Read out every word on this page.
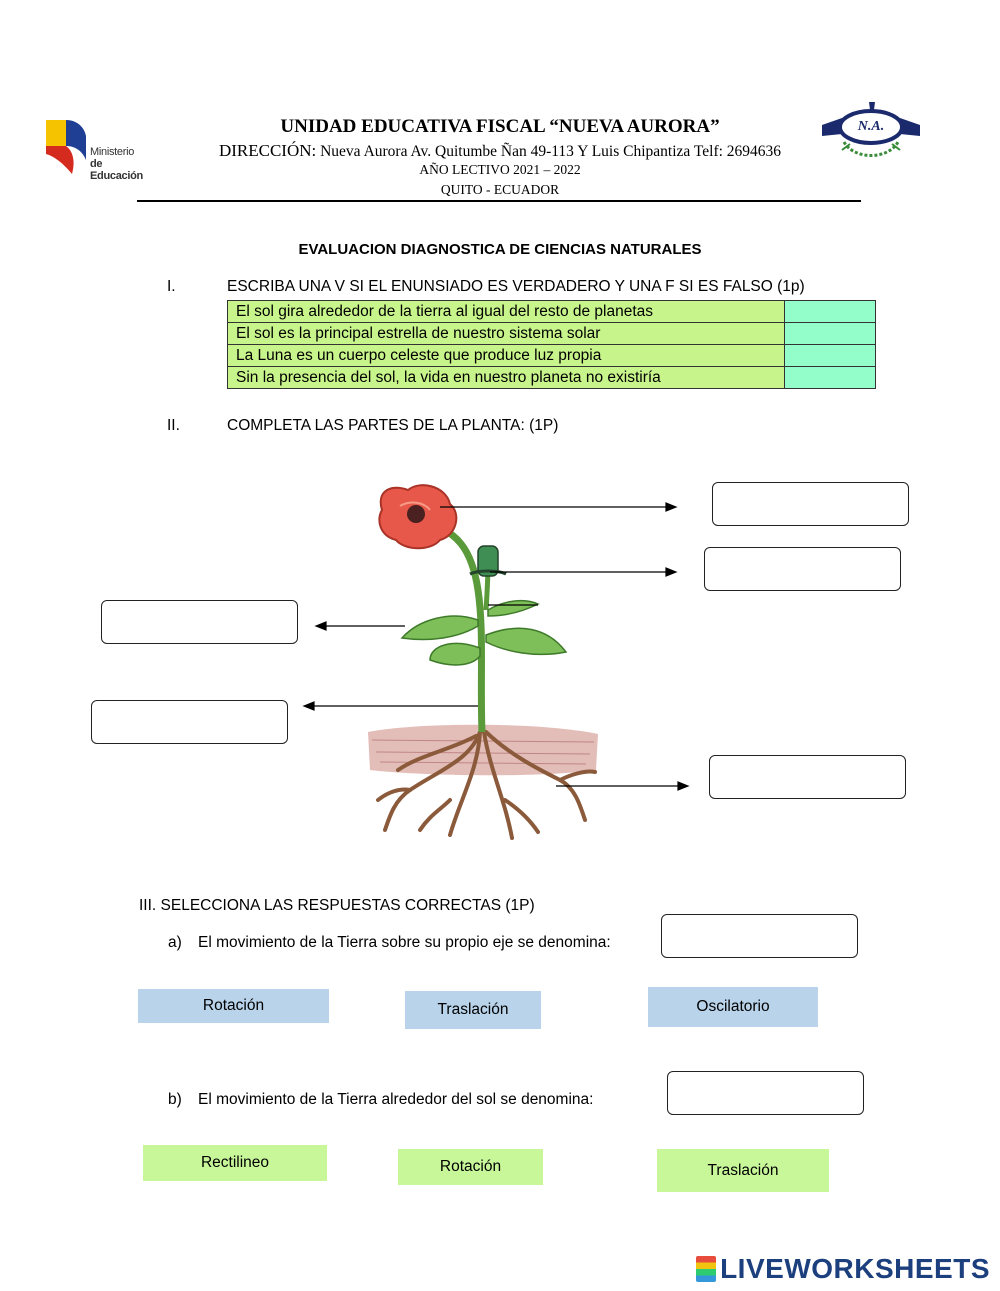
Ministerio
de Educación
UNIDAD EDUCATIVA FISCAL “NUEVA AURORA”
DIRECCIÓN: Nueva Aurora Av. Quitumbe Ñan 49-113 Y Luis Chipantiza Telf: 2694636
AÑO LECTIVO 2021 – 2022
QUITO - ECUADOR
N.A.
EVALUACION DIAGNOSTICA DE CIENCIAS NATURALES
I.	ESCRIBA UNA V SI EL ENUNSIADO ES VERDADERO Y UNA F SI ES FALSO (1p)
El sol gira alrededor de la tierra al igual del resto de planetas	
El sol es la principal estrella de nuestro sistema solar	
La Luna es un cuerpo celeste que produce luz propia	
Sin la presencia del sol, la vida en nuestro planeta no existiría	
II.	COMPLETA LAS PARTES DE LA PLANTA: (1P)
III. SELECCIONA LAS RESPUESTAS CORRECTAS (1P)
a) El movimiento de la Tierra sobre su propio eje se denomina:
Rotación	Traslación	Oscilatorio
b) El movimiento de la Tierra alrededor del sol se denomina:
Rectilineo	Rotación	Traslación
LIVEWORKSHEETS
